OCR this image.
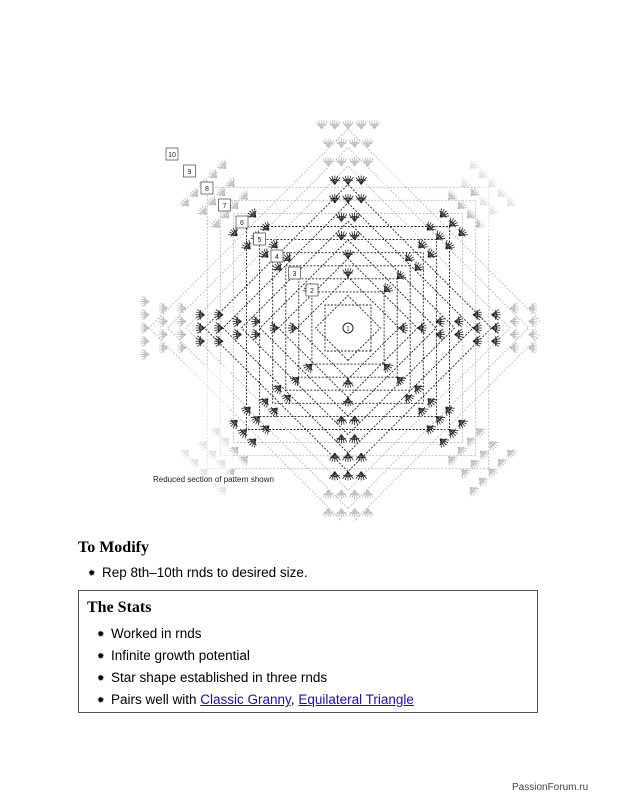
10
9
8
7
6
5
4
3
2
1
Reduced section of pattern shown
To Modify
✹ Rep 8th–10th rnds to desired size.
The Stats
✹ Worked in rnds
✹ Infinite growth potential
✹ Star shape established in three rnds
✹ Pairs well with Classic Granny, Equilateral Triangle
PassionForum.ru
